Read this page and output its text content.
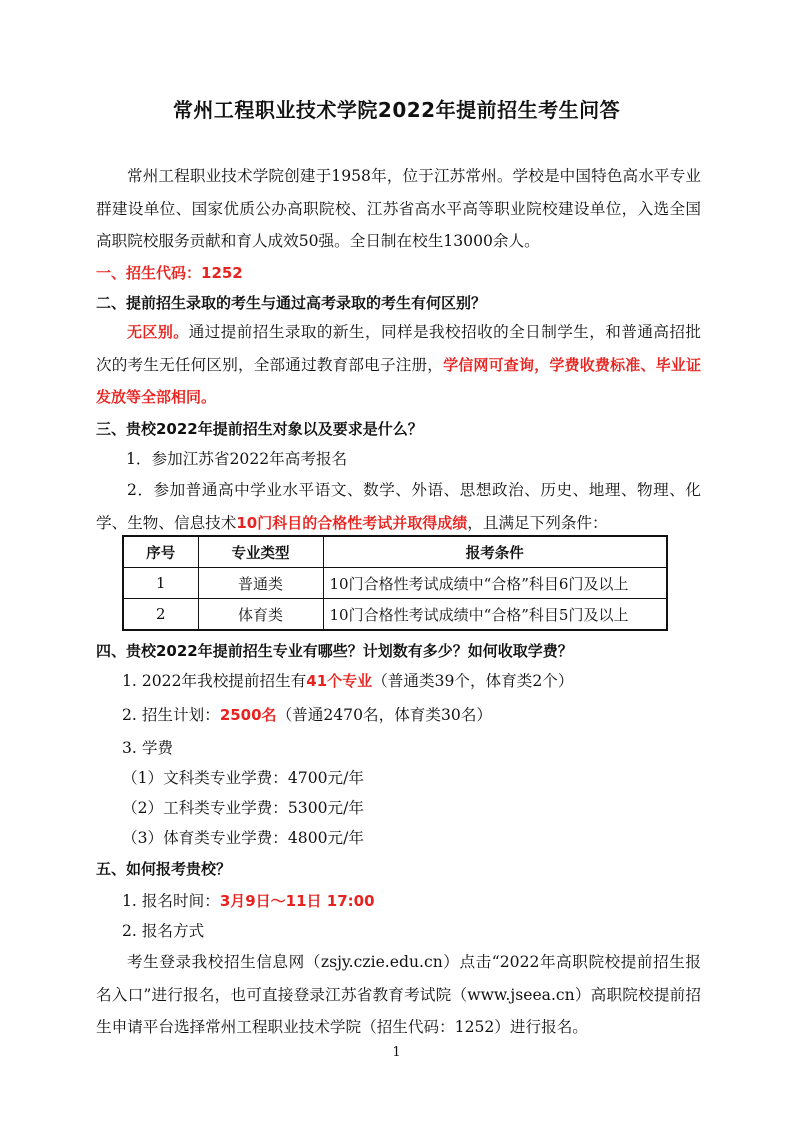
常州工程职业技术学院2022年提前招生考生问答
常州工程职业技术学院创建于1958年，位于江苏常州。学校是中国特色高水平专业群建设单位、国家优质公办高职院校、江苏省高水平高等职业院校建设单位，入选全国高职院校服务贡献和育人成效50强。全日制在校生13000余人。
一、招生代码：1252
二、提前招生录取的考生与通过高考录取的考生有何区别？
无区别。通过提前招生录取的新生，同样是我校招收的全日制学生，和普通高招批次的考生无任何区别，全部通过教育部电子注册，学信网可查询，学费收费标准、毕业证发放等全部相同。
三、贵校2022年提前招生对象以及要求是什么？
1．参加江苏省2022年高考报名
2．参加普通高中学业水平语文、数学、外语、思想政治、历史、地理、物理、化学、生物、信息技术10门科目的合格性考试并取得成绩，且满足下列条件：
序号	专业类型	报考条件
1	普通类	10门合格性考试成绩中“合格”科目6门及以上
2	体育类	10门合格性考试成绩中“合格”科目5门及以上
四、贵校2022年提前招生专业有哪些？计划数有多少？如何收取学费？
1. 2022年我校提前招生有41个专业（普通类39个，体育类2个）
2. 招生计划：2500名（普通2470名，体育类30名）
3. 学费
（1）文科类专业学费：4700元/年
（2）工科类专业学费：5300元/年
（3）体育类专业学费：4800元/年
五、如何报考贵校？
1. 报名时间：3月9日～11日 17:00
2. 报名方式
考生登录我校招生信息网（zsjy.czie.edu.cn）点击“2022年高职院校提前招生报名入口”进行报名，也可直接登录江苏省教育考试院（www.jseea.cn）高职院校提前招生申请平台选择常州工程职业技术学院（招生代码：1252）进行报名。
1
